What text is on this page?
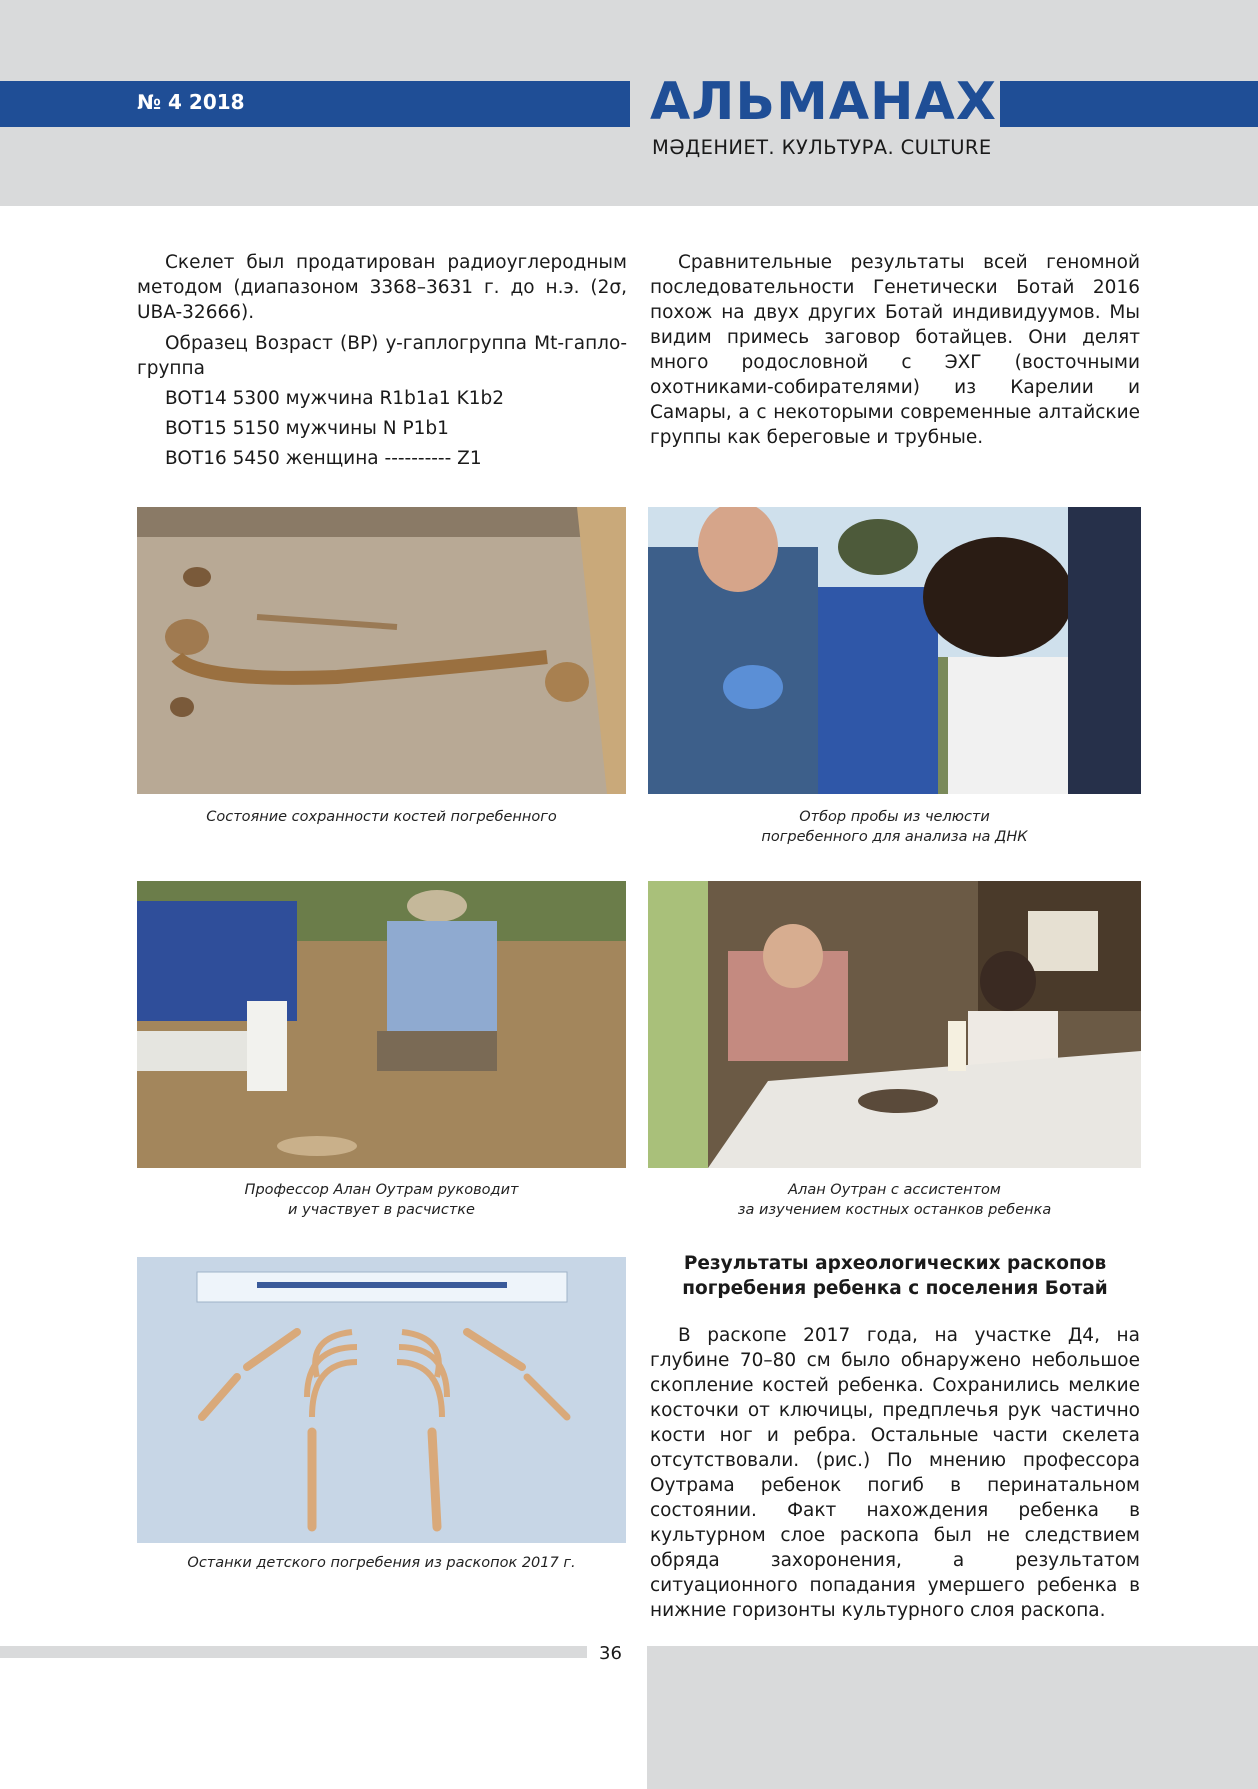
№ 4 2018	АЛЬМАНАХ
МӘДЕНИЕТ. КУЛЬТУРА. CULTURE

Скелет был продатирован радиоуглеродным методом (диапазоном 3368–3631 г. до н.э. (2σ, UBA-32666).

Образец Возраст (BP) y-гаплогруппа Mt-гапло-группа

BOT14 5300 мужчина R1b1a1 K1b2

BOT15 5150 мужчины N P1b1

BOT16 5450 женщина ---------- Z1

Сравнительные результаты всей геномной последовательности Генетически Ботай 2016 похож на двух других Ботай индивидуумов. Мы видим примесь заговор ботайцев. Они делят много родословной с ЭХГ (восточными охотниками-собирателями) из Карелии и Самары, а с некоторыми современные алтайские группы как береговые и трубные.

Состояние сохранности костей погребенного	Отбор пробы из челюсти
погребенного для анализа на ДНК
Профессор Алан Оутрам руководит
и участвует в расчистке
Алан Оутран с ассистентом
за изучением костных останков ребенка
Останки детского погребения из раскопок 2017 г.
Результаты археологических раскопов
погребения ребенка с поселения Ботай

В раскопе 2017 года, на участке Д4, на глубине 70–80 см было обнаружено небольшое скопление костей ребенка. Сохранились мелкие косточки от ключицы, предплечья рук частично кости ног и ребра. Остальные части скелета отсутствовали. (рис.) По мнению профессора Оутрама ребенок погиб в перинатальном состоянии. Факт нахождения ребенка в культурном слое раскопа был не следствием обряда захоронения, а результатом ситуационного попадания умершего ребенка в нижние горизонты культурного слоя раскопа.

36
